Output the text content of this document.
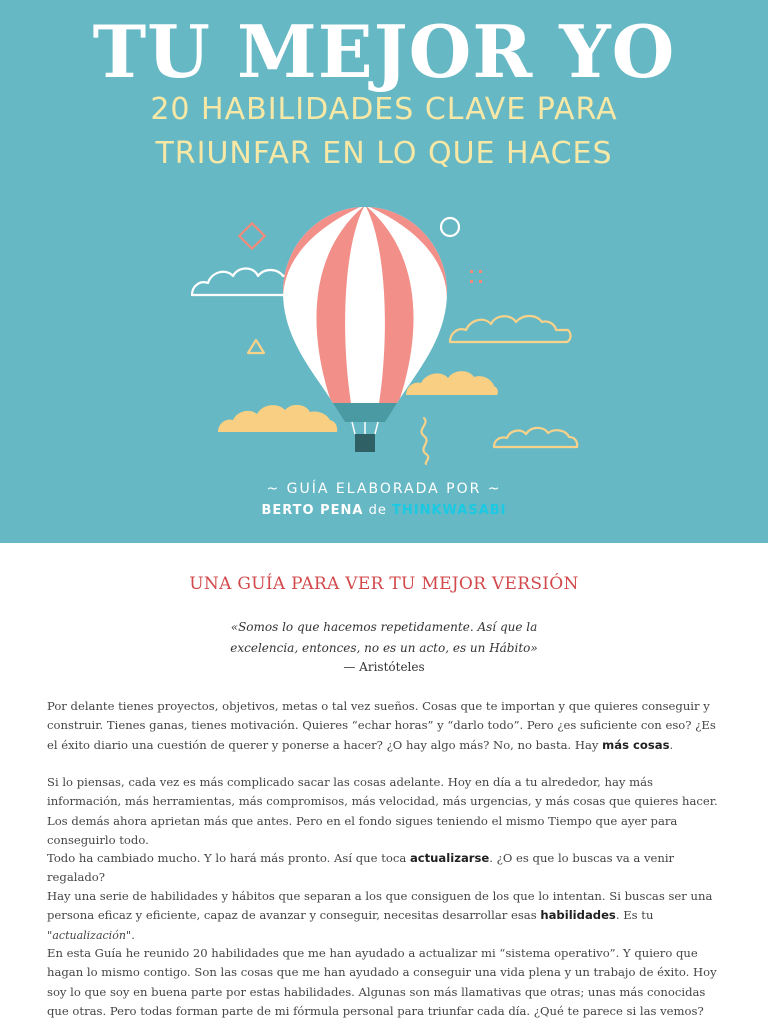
TU MEJOR YO
20 HABILIDADES CLAVE PARA
TRIUNFAR EN LO QUE HACES
~ GUÍA ELABORADA POR ~
BERTO PENA de THINKWASABI
UNA GUÍA PARA VER TU MEJOR VERSIÓN
«Somos lo que hacemos repetidamente. Así que la
excelencia, entonces, no es un acto, es un Hábito»
— Aristóteles

Por delante tienes proyectos, objetivos, metas o tal vez sueños. Cosas que te importan y que quieres conseguir y construir. Tienes ganas, tienes motivación. Quieres “echar horas” y “darlo todo”. Pero ¿es suficiente con eso? ¿Es el éxito diario una cuestión de querer y ponerse a hacer? ¿O hay algo más? No, no basta. Hay más cosas.

Si lo piensas, cada vez es más complicado sacar las cosas adelante. Hoy en día a tu alrededor, hay más información, más herramientas, más compromisos, más velocidad, más urgencias, y más cosas que quieres hacer. Los demás ahora aprietan más que antes. Pero en el fondo sigues teniendo el mismo Tiempo que ayer para conseguirlo todo.

Todo ha cambiado mucho. Y lo hará más pronto. Así que toca actualizarse. ¿O es que lo buscas va a venir regalado?

Hay una serie de habilidades y hábitos que separan a los que consiguen de los que lo intentan. Si buscas ser una persona eficaz y eficiente, capaz de avanzar y conseguir, necesitas desarrollar esas habilidades. Es tu "actualización".

En esta Guía he reunido 20 habilidades que me han ayudado a actualizar mi “sistema operativo”. Y quiero que hagan lo mismo contigo. Son las cosas que me han ayudado a conseguir una vida plena y un trabajo de éxito. Hoy soy lo que soy en buena parte por estas habilidades. Algunas son más llamativas que otras; unas más conocidas que otras. Pero todas forman parte de mi fórmula personal para triunfar cada día. ¿Qué te parece si las vemos?
